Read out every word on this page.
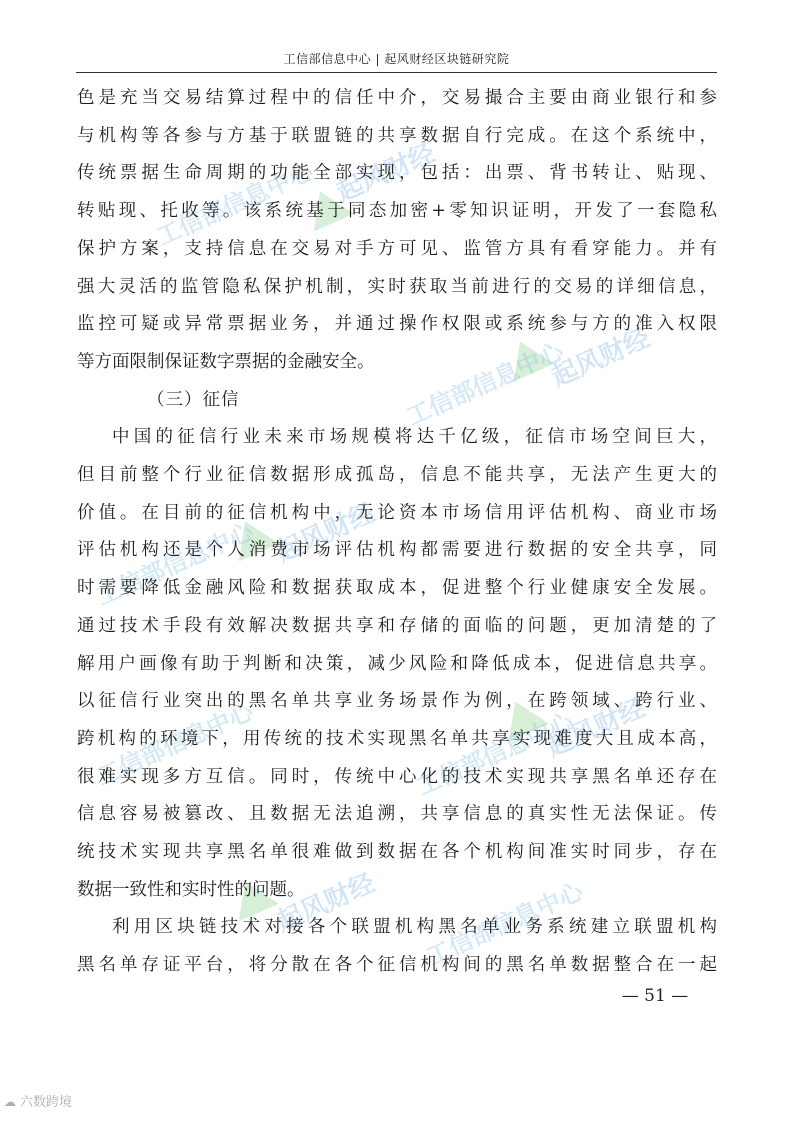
工信部信息中心 | 起风财经区块链研究院
工信部信息中心 起风财经
起风财经
工信部信息中心
起风财经
工信部信息中心
工信部信息中心	起风财经
工信部信息中心
起风财经 工信部信息中心
色是充当交易结算过程中的信任中介，交易撮合主要由商业银行和参
与机构等各参与方基于联盟链的共享数据自行完成。在这个系统中，
传统票据生命周期的功能全部实现，包括：出票、背书转让、贴现、
转贴现、托收等。该系统基于同态加密+零知识证明，开发了一套隐私
保护方案，支持信息在交易对手方可见、监管方具有看穿能力。并有
强大灵活的监管隐私保护机制，实时获取当前进行的交易的详细信息，
监控可疑或异常票据业务，并通过操作权限或系统参与方的准入权限
等方面限制保证数字票据的金融安全。
（三）征信
中国的征信行业未来市场规模将达千亿级，征信市场空间巨大，
但目前整个行业征信数据形成孤岛，信息不能共享，无法产生更大的
价值。在目前的征信机构中，无论资本市场信用评估机构、商业市场
评估机构还是个人消费市场评估机构都需要进行数据的安全共享，同
时需要降低金融风险和数据获取成本，促进整个行业健康安全发展。
通过技术手段有效解决数据共享和存储的面临的问题，更加清楚的了
解用户画像有助于判断和决策，减少风险和降低成本，促进信息共享。
以征信行业突出的黑名单共享业务场景作为例，在跨领域、跨行业、
跨机构的环境下，用传统的技术实现黑名单共享实现难度大且成本高，
很难实现多方互信。同时，传统中心化的技术实现共享黑名单还存在
信息容易被篡改、且数据无法追溯，共享信息的真实性无法保证。传
统技术实现共享黑名单很难做到数据在各个机构间准实时同步，存在
数据一致性和实时性的问题。
利用区块链技术对接各个联盟机构黑名单业务系统建立联盟机构
黑名单存证平台，将分散在各个征信机构间的黑名单数据整合在一起
— 51 —
☁ 六数跨境
